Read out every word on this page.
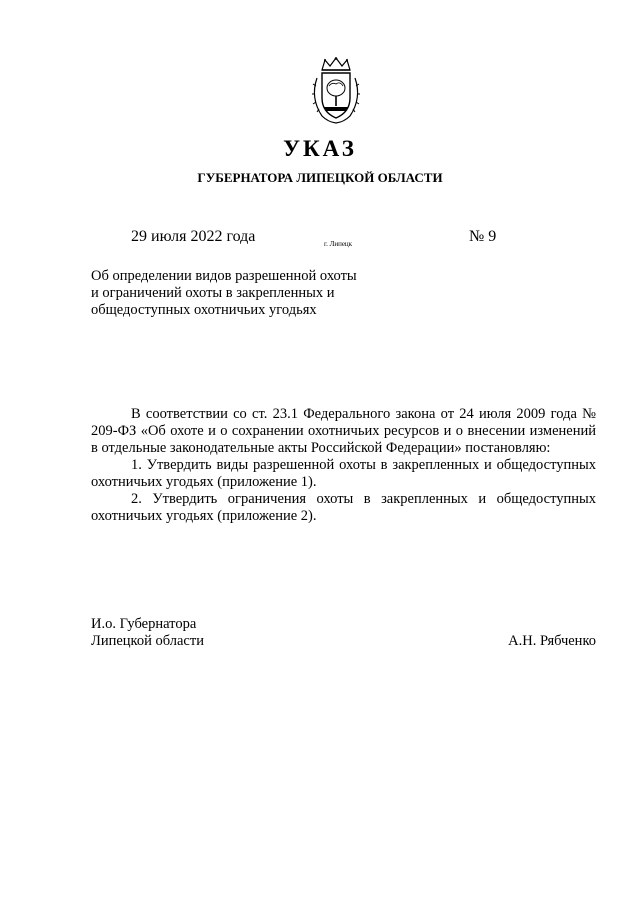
УКАЗ
ГУБЕРНАТОРА ЛИПЕЦКОЙ ОБЛАСТИ
29 июля 2022 года	г. Липецк	№ 9
Об определении видов разрешенной охоты
и ограничений охоты в закрепленных и
общедоступных охотничьих угодьях

В соответствии со ст. 23.1 Федерального закона от 24 июля 2009 года № 209-ФЗ «Об охоте и о сохранении охотничьих ресурсов и о внесении изменений в отдельные законодательные акты Российской Федерации» постановляю:

1. Утвердить виды разрешенной охоты в закрепленных и общедоступных охотничьих угодьях (приложение 1).

2. Утвердить ограничения охоты в закрепленных и общедоступных охотничьих угодьях (приложение 2).

И.о. Губернатора
Липецкой области	А.Н. Рябченко
